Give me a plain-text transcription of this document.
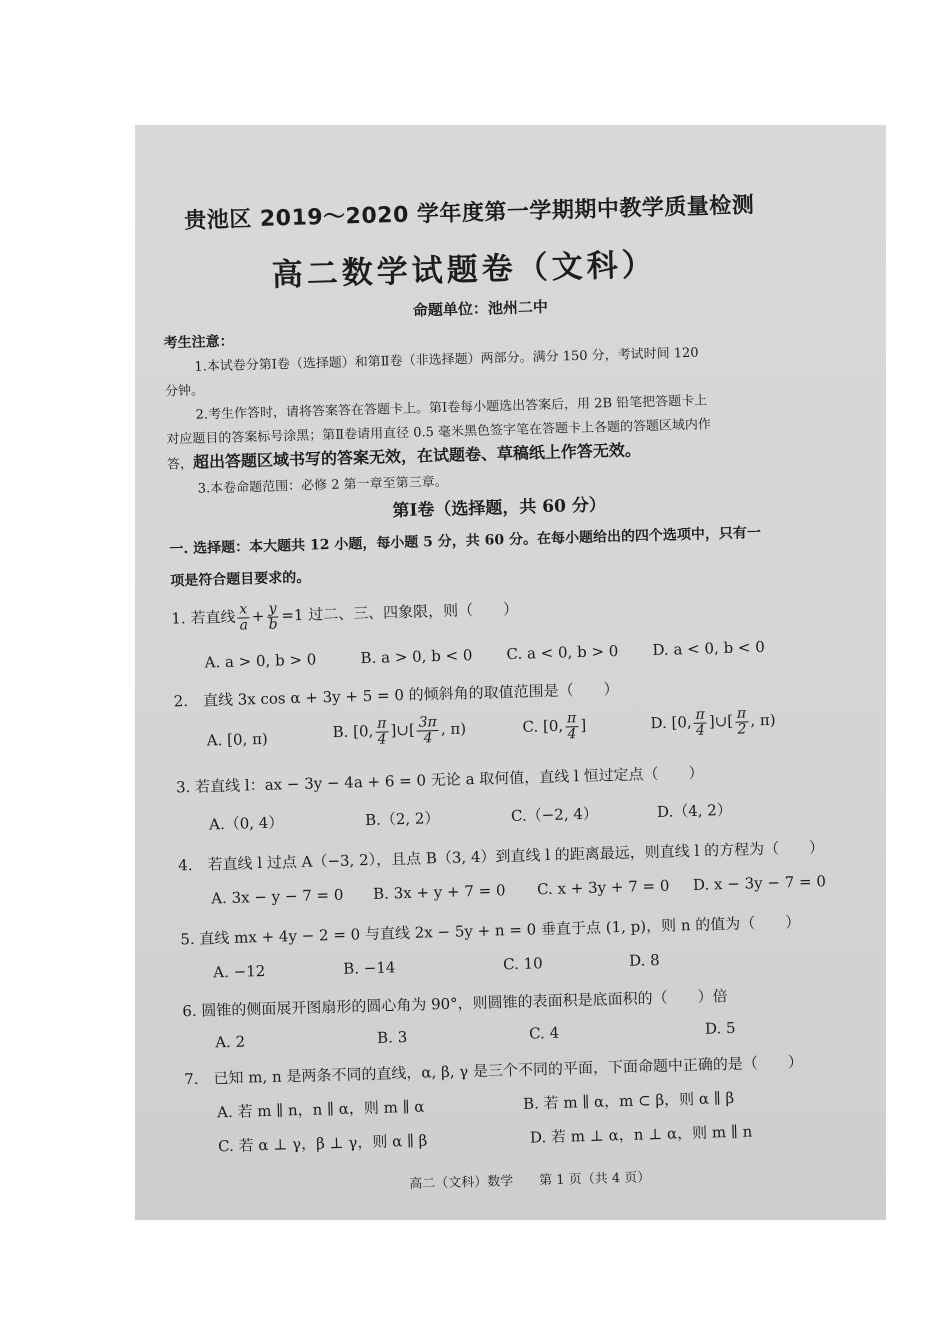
贵池区 2019～2020 学年度第一学期期中教学质量检测
高二数学试题卷（文科）
命题单位：池州二中
考生注意：
1.本试卷分第Ⅰ卷（选择题）和第Ⅱ卷（非选择题）两部分。满分 150 分，考试时间 120
分钟。
2.考生作答时，请将答案答在答题卡上。第Ⅰ卷每小题选出答案后，用 2B 铅笔把答题卡上
对应题目的答案标号涂黑；第Ⅱ卷请用直径 0.5 毫米黑色签字笔在答题卡上各题的答题区域内作
答，超出答题区域书写的答案无效，在试题卷、草稿纸上作答无效。
3.本卷命题范围：必修 2 第一章至第三章。
第Ⅰ卷（选择题，共 60 分）
一. 选择题：本大题共 12 小题，每小题 5 分，共 60 分。在每小题给出的四个选项中，只有一
项是符合题目要求的。
1. 若直线 $\frac{x}{a} + \frac{y}{b} =1$ 过二、三、四象限，则（　　）
A. a > 0, b > 0	B. a > 0, b < 0 C. a < 0, b > 0 D. a < 0, b < 0
2.　直线 3x cos α + 3y + 5 = 0 的倾斜角的取值范围是（　　）
A. [0, π)	B. [0, $\frac{\pi}{4}$ ]∪[ $\frac{3\pi}{4}$ , π)	C. [0, $\frac{\pi}{4}$ ]	D. [0, $\frac{\pi}{4}$ ]∪[ $\frac{\pi}{2}$ , π)
3. 若直线 l：ax − 3y − 4a + 6 = 0 无论 a 取何值，直线 l 恒过定点（　　）
A.（0, 4）	B.（2, 2）	C.（−2, 4）	D.（4, 2）
4.　若直线 l 过点 A（−3, 2），且点 B（3, 4）到直线 l 的距离最远，则直线 l 的方程为（　　）
A. 3x − y − 7 = 0 B. 3x + y + 7 = 0 C. x + 3y + 7 = 0 D. x − 3y − 7 = 0
5. 直线 mx + 4y − 2 = 0 与直线 2x − 5y + n = 0 垂直于点 (1, p)，则 n 的值为（　　）
A. −12	B. −14	C. 10	D. 8
6. 圆锥的侧面展开图扇形的圆心角为 90°，则圆锥的表面积是底面积的（　　）倍
A. 2	B. 3	C. 4	D. 5
7.　已知 m, n 是两条不同的直线，α, β, γ 是三个不同的平面，下面命题中正确的是（　　）
A. 若 m ∥ n，n ∥ α，则 m ∥ α	B. 若 m ∥ α，m ⊂ β，则 α ∥ β
C. 若 α ⊥ γ，β ⊥ γ，则 α ∥ β	D. 若 m ⊥ α，n ⊥ α，则 m ∥ n
高二（文科）数学　　第 1 页（共 4 页）
